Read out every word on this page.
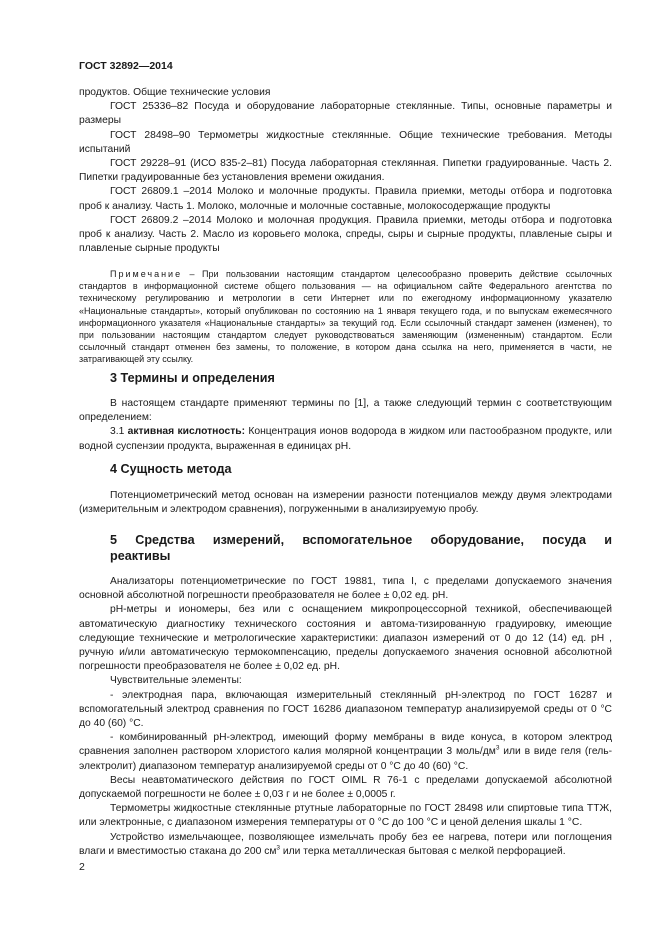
ГОСТ 32892—2014

продуктов. Общие технические условия

ГОСТ 25336–82 Посуда и оборудование лабораторные стеклянные. Типы, основные параметры и размеры

ГОСТ 28498–90 Термометры жидкостные стеклянные. Общие технические требования. Методы испытаний

ГОСТ 29228–91 (ИСО 835-2–81) Посуда лабораторная стеклянная. Пипетки градуированные. Часть 2. Пипетки градуированные без установления времени ожидания.

ГОСТ 26809.1 –2014 Молоко и молочные продукты. Правила приемки, методы отбора и подготовка проб к анализу. Часть 1. Молоко, молочные и молочные составные, молокосодержащие продукты

ГОСТ 26809.2 –2014 Молоко и молочная продукция. Правила приемки, методы отбора и подготовка проб к анализу. Часть 2. Масло из коровьего молока, спреды, сыры и сырные продукты, плавленые сыры и плавленые сырные продукты

Примечание – При пользовании настоящим стандартом целесообразно проверить действие ссылочных стандартов в информационной системе общего пользования — на официальном сайте Федерального агентства по техническому регулированию и метрологии в сети Интернет или по ежегодному информационному указателю «Национальные стандарты», который опубликован по состоянию на 1 января текущего года, и по выпускам ежемесячного информационного указателя «Национальные стандарты» за текущий год. Если ссылочный стандарт заменен (изменен), то при пользовании настоящим стандартом следует руководствоваться заменяющим (измененным) стандартом. Если ссылочный стандарт отменен без замены, то положение, в котором дана ссылка на него, применяется в части, не затрагивающей эту ссылку.

3 Термины и определения

В настоящем стандарте применяют термины по [1], а также следующий термин с соответствующим определением:

3.1 активная кислотность: Концентрация ионов водорода в жидком или пастообразном продукте, или водной суспензии продукта, выраженная в единицах pH.

4 Сущность метода

Потенциометрический метод основан на измерении разности потенциалов между двумя электродами (измерительным и электродом сравнения), погруженными в анализируемую пробу.

5 Средства измерений, вспомогательное оборудование, посуда и
реактивы

Анализаторы потенциометрические по ГОСТ 19881, типа I, с пределами допускаемого значения основной абсолютной погрешности преобразователя не более ± 0,02 ед. pH.

pH-метры и иономеры, без или с оснащением микропроцессорной техникой, обеспечивающей автоматическую диагностику технического состояния и автома-тизированную градуировку, имеющие следующие технические и метрологические характеристики: диапазон измерений от 0 до 12 (14) ед. pH , ручную и/или автоматическую термокомпенсацию, пределы допускаемого значения основной абсолютной погрешности преобразователя не более ± 0,02 ед. pH.

Чувствительные элементы:

- электродная пара, включающая измерительный стеклянный pH-электрод по ГОСТ 16287 и вспомогательный электрод сравнения по ГОСТ 16286 диапазоном температур анализируемой среды от 0 °С до 40 (60) °С.

- комбинированный pH-электрод, имеющий форму мембраны в виде конуса, в котором электрод сравнения заполнен раствором хлористого калия молярной концентрации 3 моль/$дм^3$ или в виде геля (гель-электролит) диапазоном температур анализируемой среды от 0 °С до 40 (60) °С.

Весы неавтоматического действия по ГОСТ OIML R 76-1 с пределами допускаемой абсолютной допускаемой погрешности не более ± 0,03 г и не более ± 0,0005 г.

Термометры жидкостные стеклянные ртутные лабораторные по ГОСТ 28498 или спиртовые типа ТТЖ, или электронные, с диапазоном измерения температуры от 0 °С до 100 °С и ценой деления шкалы 1 °С.

Устройство измельчающее, позволяющее измельчать пробу без ее нагрева, потери или поглощения влаги и вместимостью стакана до 200 $см^3$ или терка металлическая бытовая с мелкой перфорацией.

2
